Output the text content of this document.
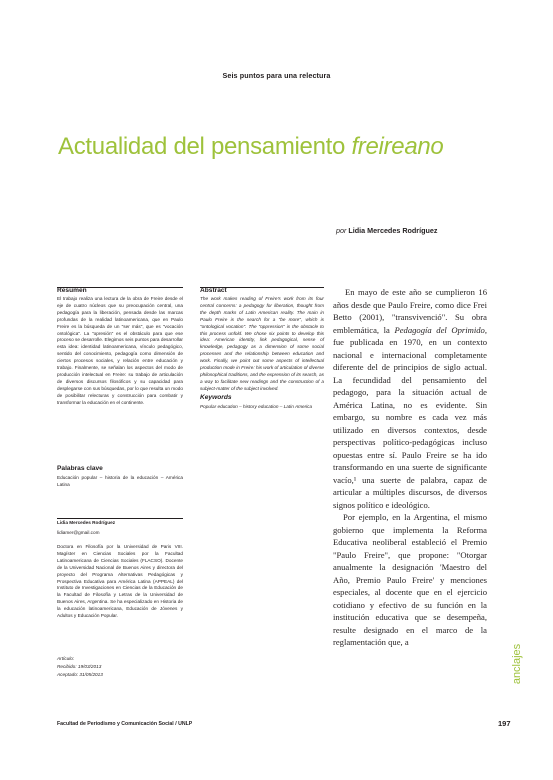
Seis puntos para una relectura
Actualidad del pensamiento freireano
por Lidia Mercedes Rodríguez
Resumen

El trabajo realiza una lectura de la obra de Freire desde el eje de cuatro núcleos que su preocupación central, una pedagogía para la liberación, pensada desde las marcas profundas de la realidad latinoamericana, que en Paulo Freire es la búsqueda de un "ser más", que es "vocación ontológica". La "opresión" es el obstáculo para que ese proceso se desarrolle. Elegimos seis puntos para desarrollar esta idea: identidad latinoamericana, vínculo pedagógico, sentido del conocimiento, pedagogía como dimensión de ciertos procesos sociales, y relación entre educación y trabajo. Finalmente, se señalan los aspectos del modo de producción intelectual en Freire: su trabajo de articulación de diversos discursos filosóficos y su capacidad para desplegarse con sus búsquedas, por lo que resulta un modo de posibilitar relecturas y construcción para combatir y transformar la educación en el continente.

Palabras clave

Educación popular – historia de la educación – América Latina

Lidia Mercedes Rodríguez
lidiamer@gmail.com

Doctora en Filosofía por la Universidad de Paris VIII. Magíster en Ciencias Sociales por la Facultad Latinoamericana de Ciencias Sociales (FLACSO). Docente de la Universidad Nacional de Buenos Aires y directora del proyecto del Programa Alternativas Pedagógicas y Prospectiva Educativa para América Latina (APPEAL) del Instituto de Investigaciones en Ciencias de la Educación de la Facultad de Filosofía y Letras de la Universidad de Buenos Aires, Argentina. Se ha especializado en Historia de la educación latinoamericana, Educación de Jóvenes y Adultos y Educación Popular.

Artículo:
Recibido: 19/03/2013
Aceptado: 31/05/2013
Abstract

The work makes reading of Freire's work from its four central concerns: a pedagogy for liberation, thought from the depth marks of Latin American reality. The main in Paulo Freire is the search for a "be more", which is "ontological vocation". The "oppression" is the obstacle to this process unfold. We chose six points to develop this idea: American identity, link pedagogical, sense of knowledge, pedagogy as a dimension of some social processes and the relationship between education and work. Finally, we point out some aspects of intellectual production mode in Freire: his work of articulation of diverse philosophical traditions, and the expression of its search, as a way to facilitate new readings and the construction of a subject-matter of the subject involved.

Keywords

Popular education – history education – Latin America

En mayo de este año se cumplieron 16 años desde que Paulo Freire, como dice Frei Betto (2001), "transvivenció". Su obra emblemática, la Pedagogía del Oprimido, fue publicada en 1970, en un contexto nacional e internacional completamente diferente del de principios de siglo actual. La fecundidad del pensamiento del pedagogo, para la situación actual de América Latina, no es evidente. Sin embargo, su nombre es cada vez más utilizado en diversos contextos, desde perspectivas político-pedagógicas incluso opuestas entre sí. Paulo Freire se ha ido transformando en una suerte de significante vacío,¹ una suerte de palabra, capaz de articular a múltiples discursos, de diversos signos político e ideológico.

Por ejemplo, en la Argentina, el mismo gobierno que implementa la Reforma Educativa neoliberal estableció el Premio "Paulo Freire", que propone: "Otorgar anualmente la designación 'Maestro del Año, Premio Paulo Freire' y menciones especiales, al docente que en el ejercicio cotidiano y efectivo de su función en la institución educativa que se desempeña, resulte designado en el marco de la reglamentación que, a

anclajes
Facultad de Periodismo y Comunicación Social / UNLP	197
